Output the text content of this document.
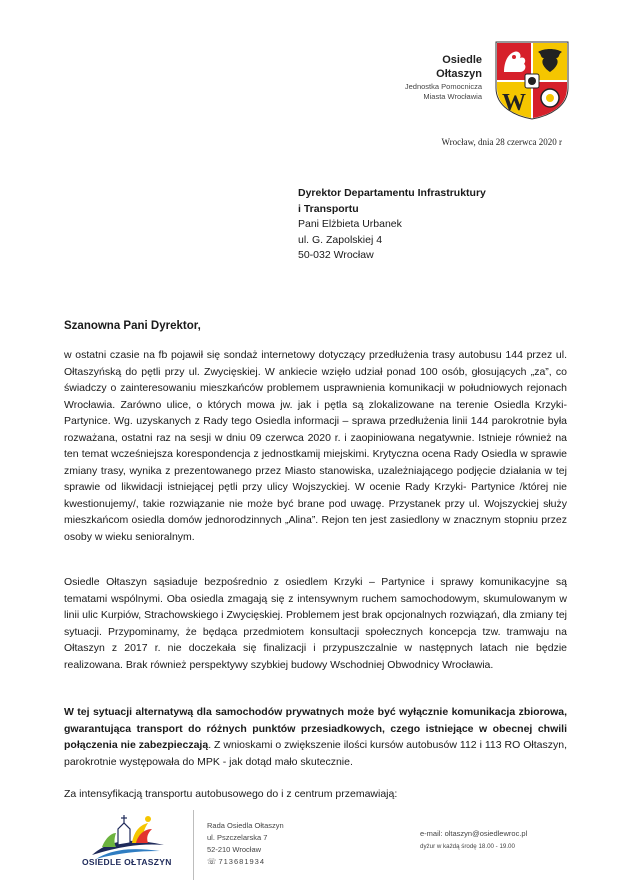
Osiedle
Ołtaszyn
Jednostka Pomocnicza
Miasta Wrocławia W
Wrocław, dnia 28 czerwca 2020 r
Dyrektor Departamentu Infrastruktury
i Transportu
Pani Elżbieta Urbanek
ul. G. Zapolskiej 4
50-032 Wrocław
Szanowna Pani Dyrektor,

w ostatni czasie na fb pojawił się sondaż internetowy dotyczący przedłużenia trasy autobusu 144 przez ul. Ołtaszyńską do pętli przy ul. Zwycięskiej. W ankiecie wzięło udział ponad 100 osób, głosujących „za”, co świadczy o zainteresowaniu mieszkańców problemem usprawnienia komunikacji w południowych rejonach Wrocławia. Zarówno ulice, o których mowa jw. jak i pętla są zlokalizowane na terenie Osiedla Krzyki- Partynice. Wg. uzyskanych z Rady tego Osiedla informacji – sprawa przedłużenia linii 144 parokrotnie była rozważana, ostatni raz na sesji w dniu 09 czerwca 2020 r. i zaopiniowana negatywnie. Istnieje również na ten temat wcześniejsza korespondencja z jednostkamiį miejskimi. Krytyczna ocena Rady Osiedla w sprawie zmiany trasy, wynika z prezentowanego przez Miasto stanowiska, uzależniającego podjęcie działania w tej sprawie od likwidacji istniejącej pętli przy ulicy Wojszyckiej. W ocenie Rady Krzyki- Partynice /której nie kwestionujemy/, takie rozwiązanie nie może być brane pod uwagę. Przystanek przy ul. Wojszyckiej służy mieszkańcom osiedla domów jednorodzinnych „Alina”. Rejon ten jest zasiedlony w znacznym stopniu przez osoby w wieku senioralnym.

Osiedle Ołtaszyn sąsiaduje bezpośrednio z osiedlem Krzyki – Partynice i sprawy komunikacyjne są tematami wspólnymi. Oba osiedla zmagają się z intensywnym ruchem samochodowym, skumulowanym w linii ulic Kurpiów, Strachowskiego i Zwycięskiej. Problemem jest brak opcjonalnych rozwiązań, dla zmiany tej sytuacji. Przypominamy, że będąca przedmiotem konsultacji społecznych koncepcja tzw. tramwaju na Ołtaszyn z 2017 r. nie doczekała się finalizacji i przypuszczalnie w następnych latach nie będzie realizowana. Brak również perspektywy szybkiej budowy Wschodniej Obwodnicy Wrocławia.

W tej sytuacji alternatywą dla samochodów prywatnych może być wyłącznie komunikacja zbiorowa, gwarantująca transport do różnych punktów przesiadkowych, czego istniejące w obecnej chwili połączenia nie zabezpieczają. Z wnioskami o zwiększenie ilości kursów autobusów 112 i 113 RO Ołtaszyn, parokrotnie występowała do MPK - jak dotąd mało skutecznie.

Za intensyfikacją transportu autobusowego do i z centrum przemawiają:

OSIEDLE OŁTASZYN
Rada Osiedla Ołtaszyn
ul. Pszczelarska 7
52-210 Wrocław
☏ 713681934
e-mail: oltaszyn@osiedlewroc.pl
dyżur w każdą środę 18.00 - 19.00
